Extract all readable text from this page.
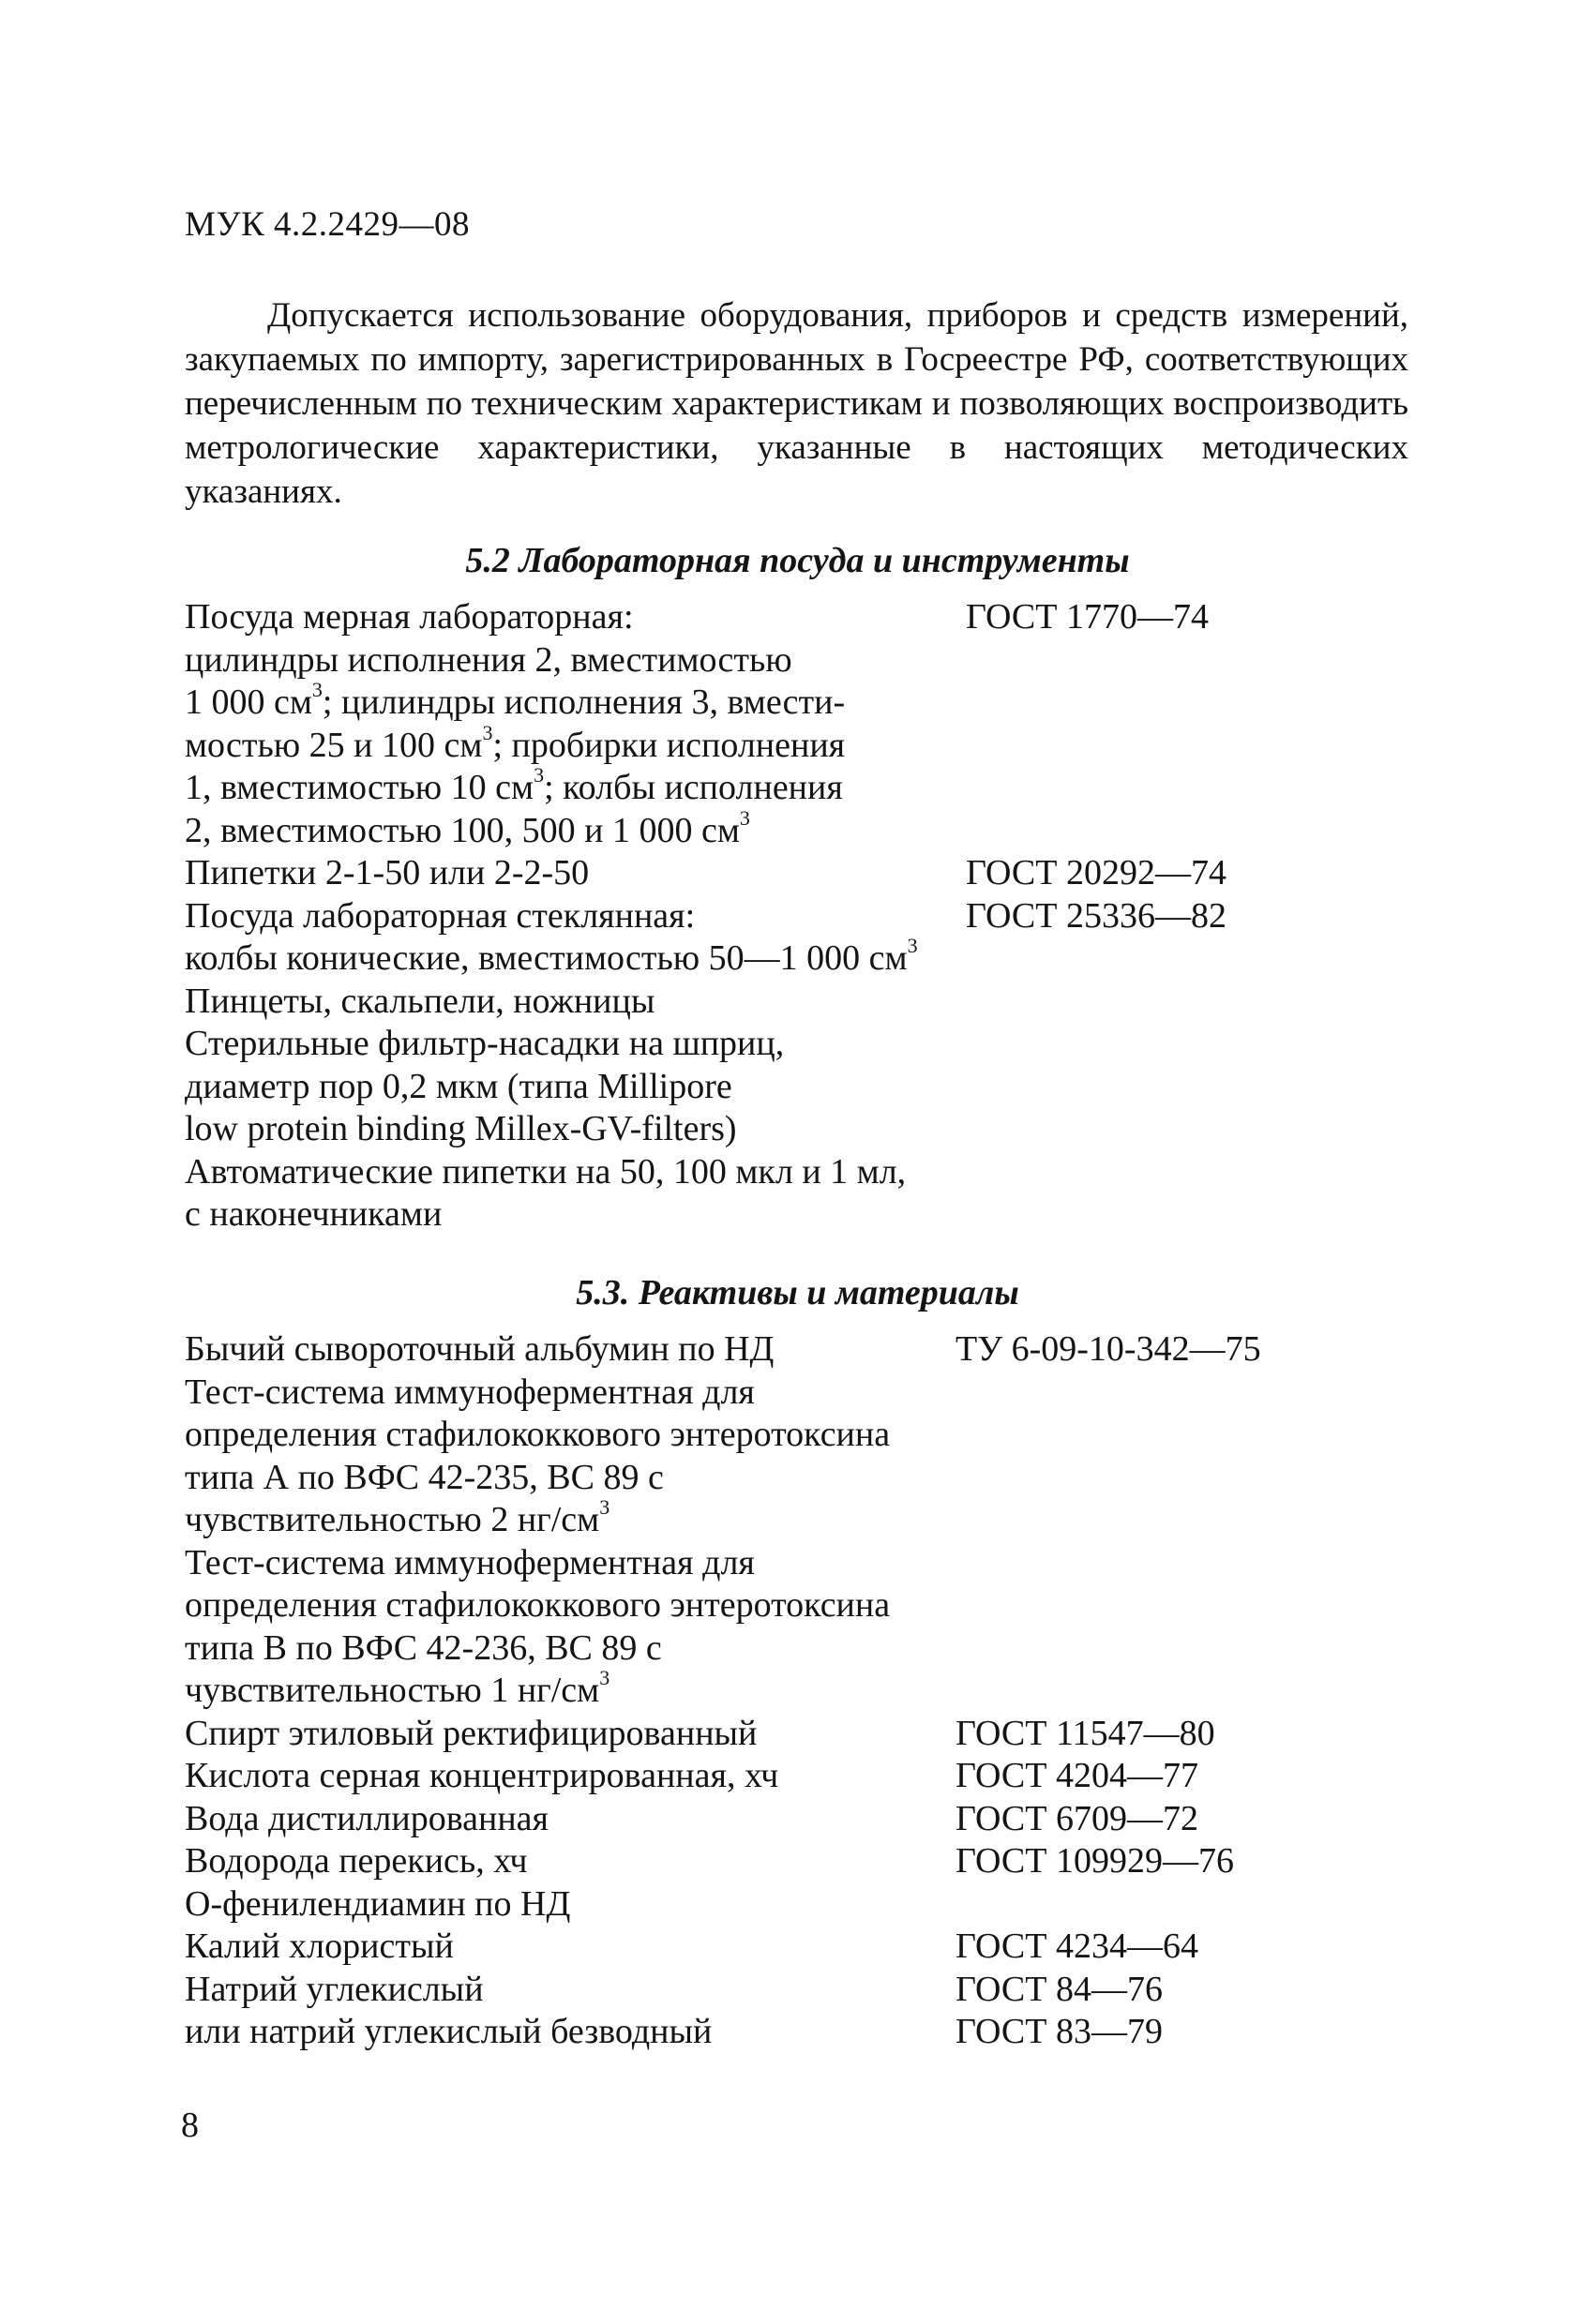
МУК 4.2.2429—08

Допускается использование оборудования, приборов и средств измерений, закупаемых по импорту, зарегистрированных в Госреестре РФ, соответствующих перечисленным по техническим характеристикам и позволяющих воспроизводить метрологические характеристики, указанные в настоящих методических указаниях.

5.2 Лабораторная посуда и инструменты
Посуда мерная лабораторная:	ГОСТ 1770—74
цилиндры исполнения 2, вместимостью
1 000 $см^3$; цилиндры исполнения 3, вмести-
мостью 25 и 100 $см^3$; пробирки исполнения
1, вместимостью 10 $см^3$; колбы исполнения
2, вместимостью 100, 500 и 1 000 $см^3$
Пипетки 2-1-50 или 2-2-50	ГОСТ 20292—74
Посуда лабораторная стеклянная:	ГОСТ 25336—82
колбы конические, вместимостью 50—1 000 $см^3$
Пинцеты, скальпели, ножницы
Стерильные фильтр-насадки на шприц,
диаметр пор 0,2 мкм (типа Millipore
low protein binding Millex-GV-filters)
Автоматические пипетки на 50, 100 мкл и 1 мл,
с наконечниками
5.3. Реактивы и материалы
Бычий сывороточный альбумин по НД	ТУ 6-09-10-342—75
Тест-система иммуноферментная для
определения стафилококкового энтеротоксина
типа А по ВФС 42-235, ВС 89 с
чувствительностью 2 $нг/см^3$
Тест-система иммуноферментная для
определения стафилококкового энтеротоксина
типа В по ВФС 42-236, ВС 89 с
чувствительностью 1 $нг/см^3$
Спирт этиловый ректифицированный	ГОСТ 11547—80
Кислота серная концентрированная, хч	ГОСТ 4204—77
Вода дистиллированная	ГОСТ 6709—72
Водорода перекись, хч	ГОСТ 109929—76
О-фенилендиамин по НД
Калий хлористый	ГОСТ 4234—64
Натрий углекислый	ГОСТ 84—76
или натрий углекислый безводный	ГОСТ 83—79
8
